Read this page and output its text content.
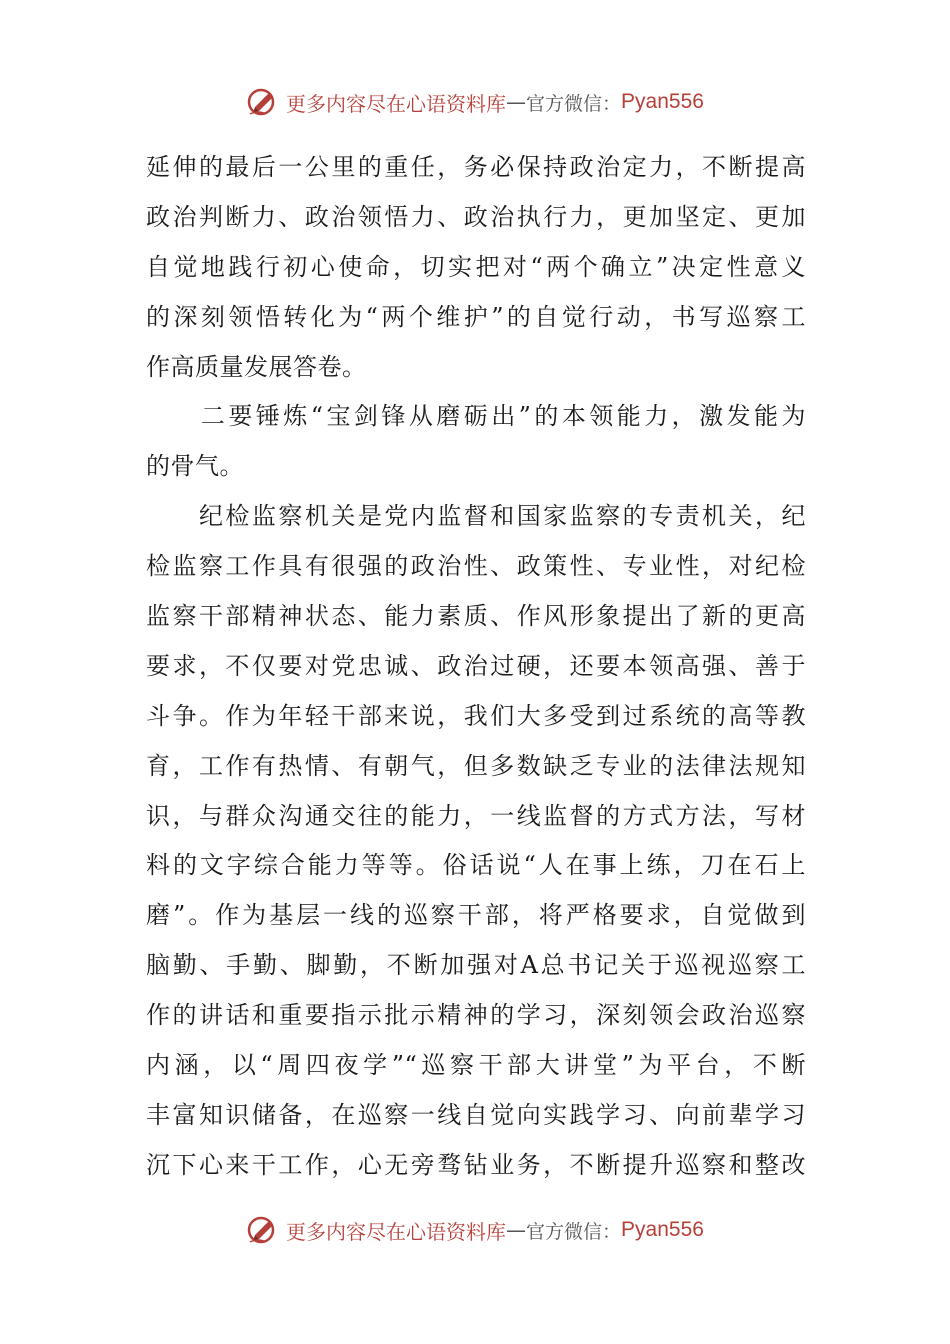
更多内容尽在心语资料库 — 官方微信： Pyan556
延伸的最后一公里的重任，务必保持政治定力，不断提高
政治判断力、政治领悟力、政治执行力，更加坚定、更加
自觉地践行初心使命，切实把对“两个确立”决定性意义
的深刻领悟转化为“两个维护”的自觉行动，书写巡察工
作高质量发展答卷。
　　二要锤炼“宝剑锋从磨砺出”的本领能力，激发能为
的骨气。
　　纪检监察机关是党内监督和国家监察的专责机关，纪
检监察工作具有很强的政治性、政策性、专业性，对纪检
监察干部精神状态、能力素质、作风形象提出了新的更高
要求，不仅要对党忠诚、政治过硬，还要本领高强、善于
斗争。作为年轻干部来说，我们大多受到过系统的高等教
育，工作有热情、有朝气，但多数缺乏专业的法律法规知
识，与群众沟通交往的能力，一线监督的方式方法，写材
料的文字综合能力等等。俗话说“人在事上练，刀在石上
磨”。作为基层一线的巡察干部，将严格要求，自觉做到
脑勤、手勤、脚勤，不断加强对A总书记关于巡视巡察工
作的讲话和重要指示批示精神的学习，深刻领会政治巡察
内涵，以“周四夜学”“巡察干部大讲堂”为平台，不断
丰富知识储备，在巡察一线自觉向实践学习、向前辈学习
沉下心来干工作，心无旁骛钻业务，不断提升巡察和整改
更多内容尽在心语资料库 — 官方微信： Pyan556
